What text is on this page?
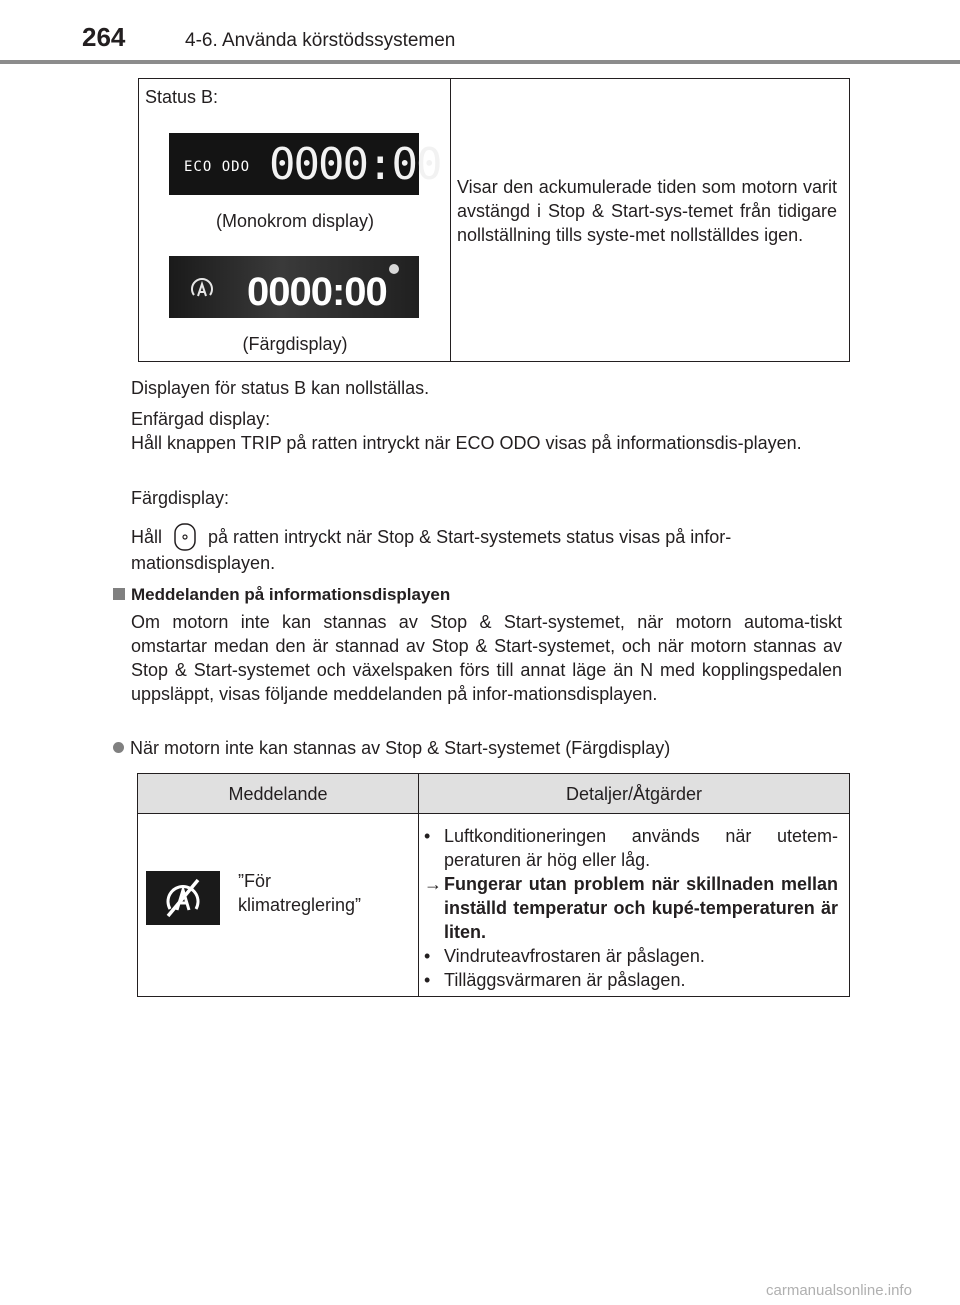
264	4-6. Använda körstödssystemen
Status B:
ECO ODO 0000:00
(Monokrom display)
0000:00
(Färgdisplay)
Visar den ackumulerade tiden som motorn varit avstängd i Stop & Start-sys-temet från tidigare nollställning tills syste-met nollställdes igen.
Displayen för status B kan nollställas.
Enfärgad display:
Håll knappen TRIP på ratten intryckt när ECO ODO visas på informationsdis-playen.
Färgdisplay:
Håll	på ratten intryckt när Stop & Start-systemets status visas på infor-
mationsdisplayen.
Meddelanden på informationsdisplayen
Om motorn inte kan stannas av Stop & Start-systemet, när motorn automa-tiskt omstartar medan den är stannad av Stop & Start-systemet, och när motorn stannas av Stop & Start-systemet och växelspaken förs till annat läge än N med kopplingspedalen uppsläppt, visas följande meddelanden på infor-mationsdisplayen.
När motorn inte kan stannas av Stop & Start-systemet (Färgdisplay)
Meddelande	Detaljer/Åtgärder
”För
klimatreglering”
• Luftkonditioneringen används när utetem-peraturen är hög eller låg.
→ Fungerar utan problem när skillnaden mellan inställd temperatur och kupé-temperaturen är liten.
• Vindruteavfrostaren är påslagen.
• Tilläggsvärmaren är påslagen.
carmanualsonline.info
